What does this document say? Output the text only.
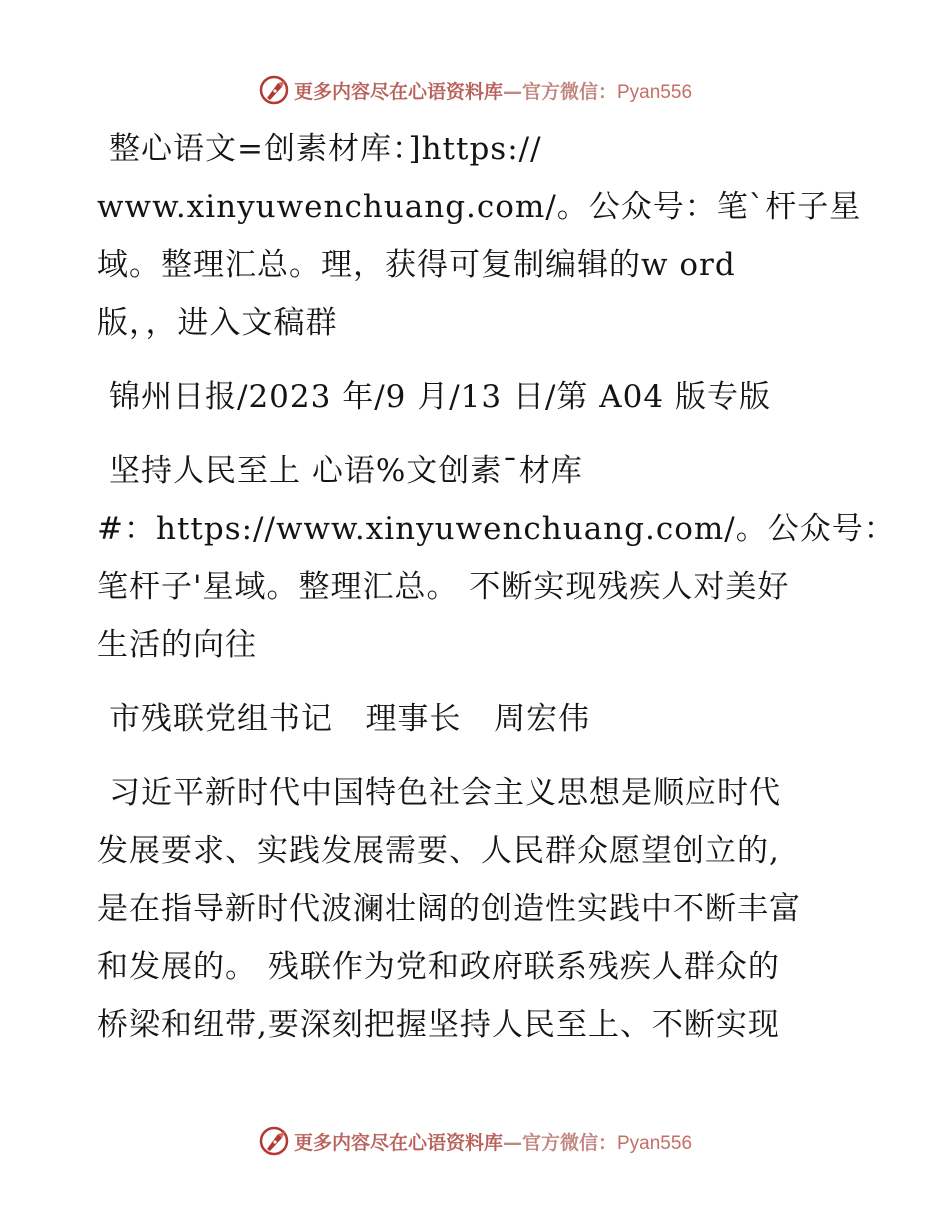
更多内容尽在心语资料库—官方微信：Pyan556

整心语文=创素材库：]https://

www.xinyuwenchuang.com/。公众号：笔`杆子星

域。整理汇总。理，获得可复制编辑的w ord

版，，进入文稿群

锦州日报/2023 年/9 月/13 日/第 A04 版专版

坚持人民至上 心语%文创素¯材库

#：https://www.xinyuwenchuang.com/。公众号：

笔杆子'星域。整理汇总。 不断实现残疾人对美好

生活的向往

市残联党组书记   理事长   周宏伟

习近平新时代中国特色社会主义思想是顺应时代

发展要求、实践发展需要、人民群众愿望创立的,

是在指导新时代波澜壮阔的创造性实践中不断丰富

和发展的。 残联作为党和政府联系残疾人群众的

桥梁和纽带,要深刻把握坚持人民至上、不断实现

更多内容尽在心语资料库—官方微信：Pyan556
